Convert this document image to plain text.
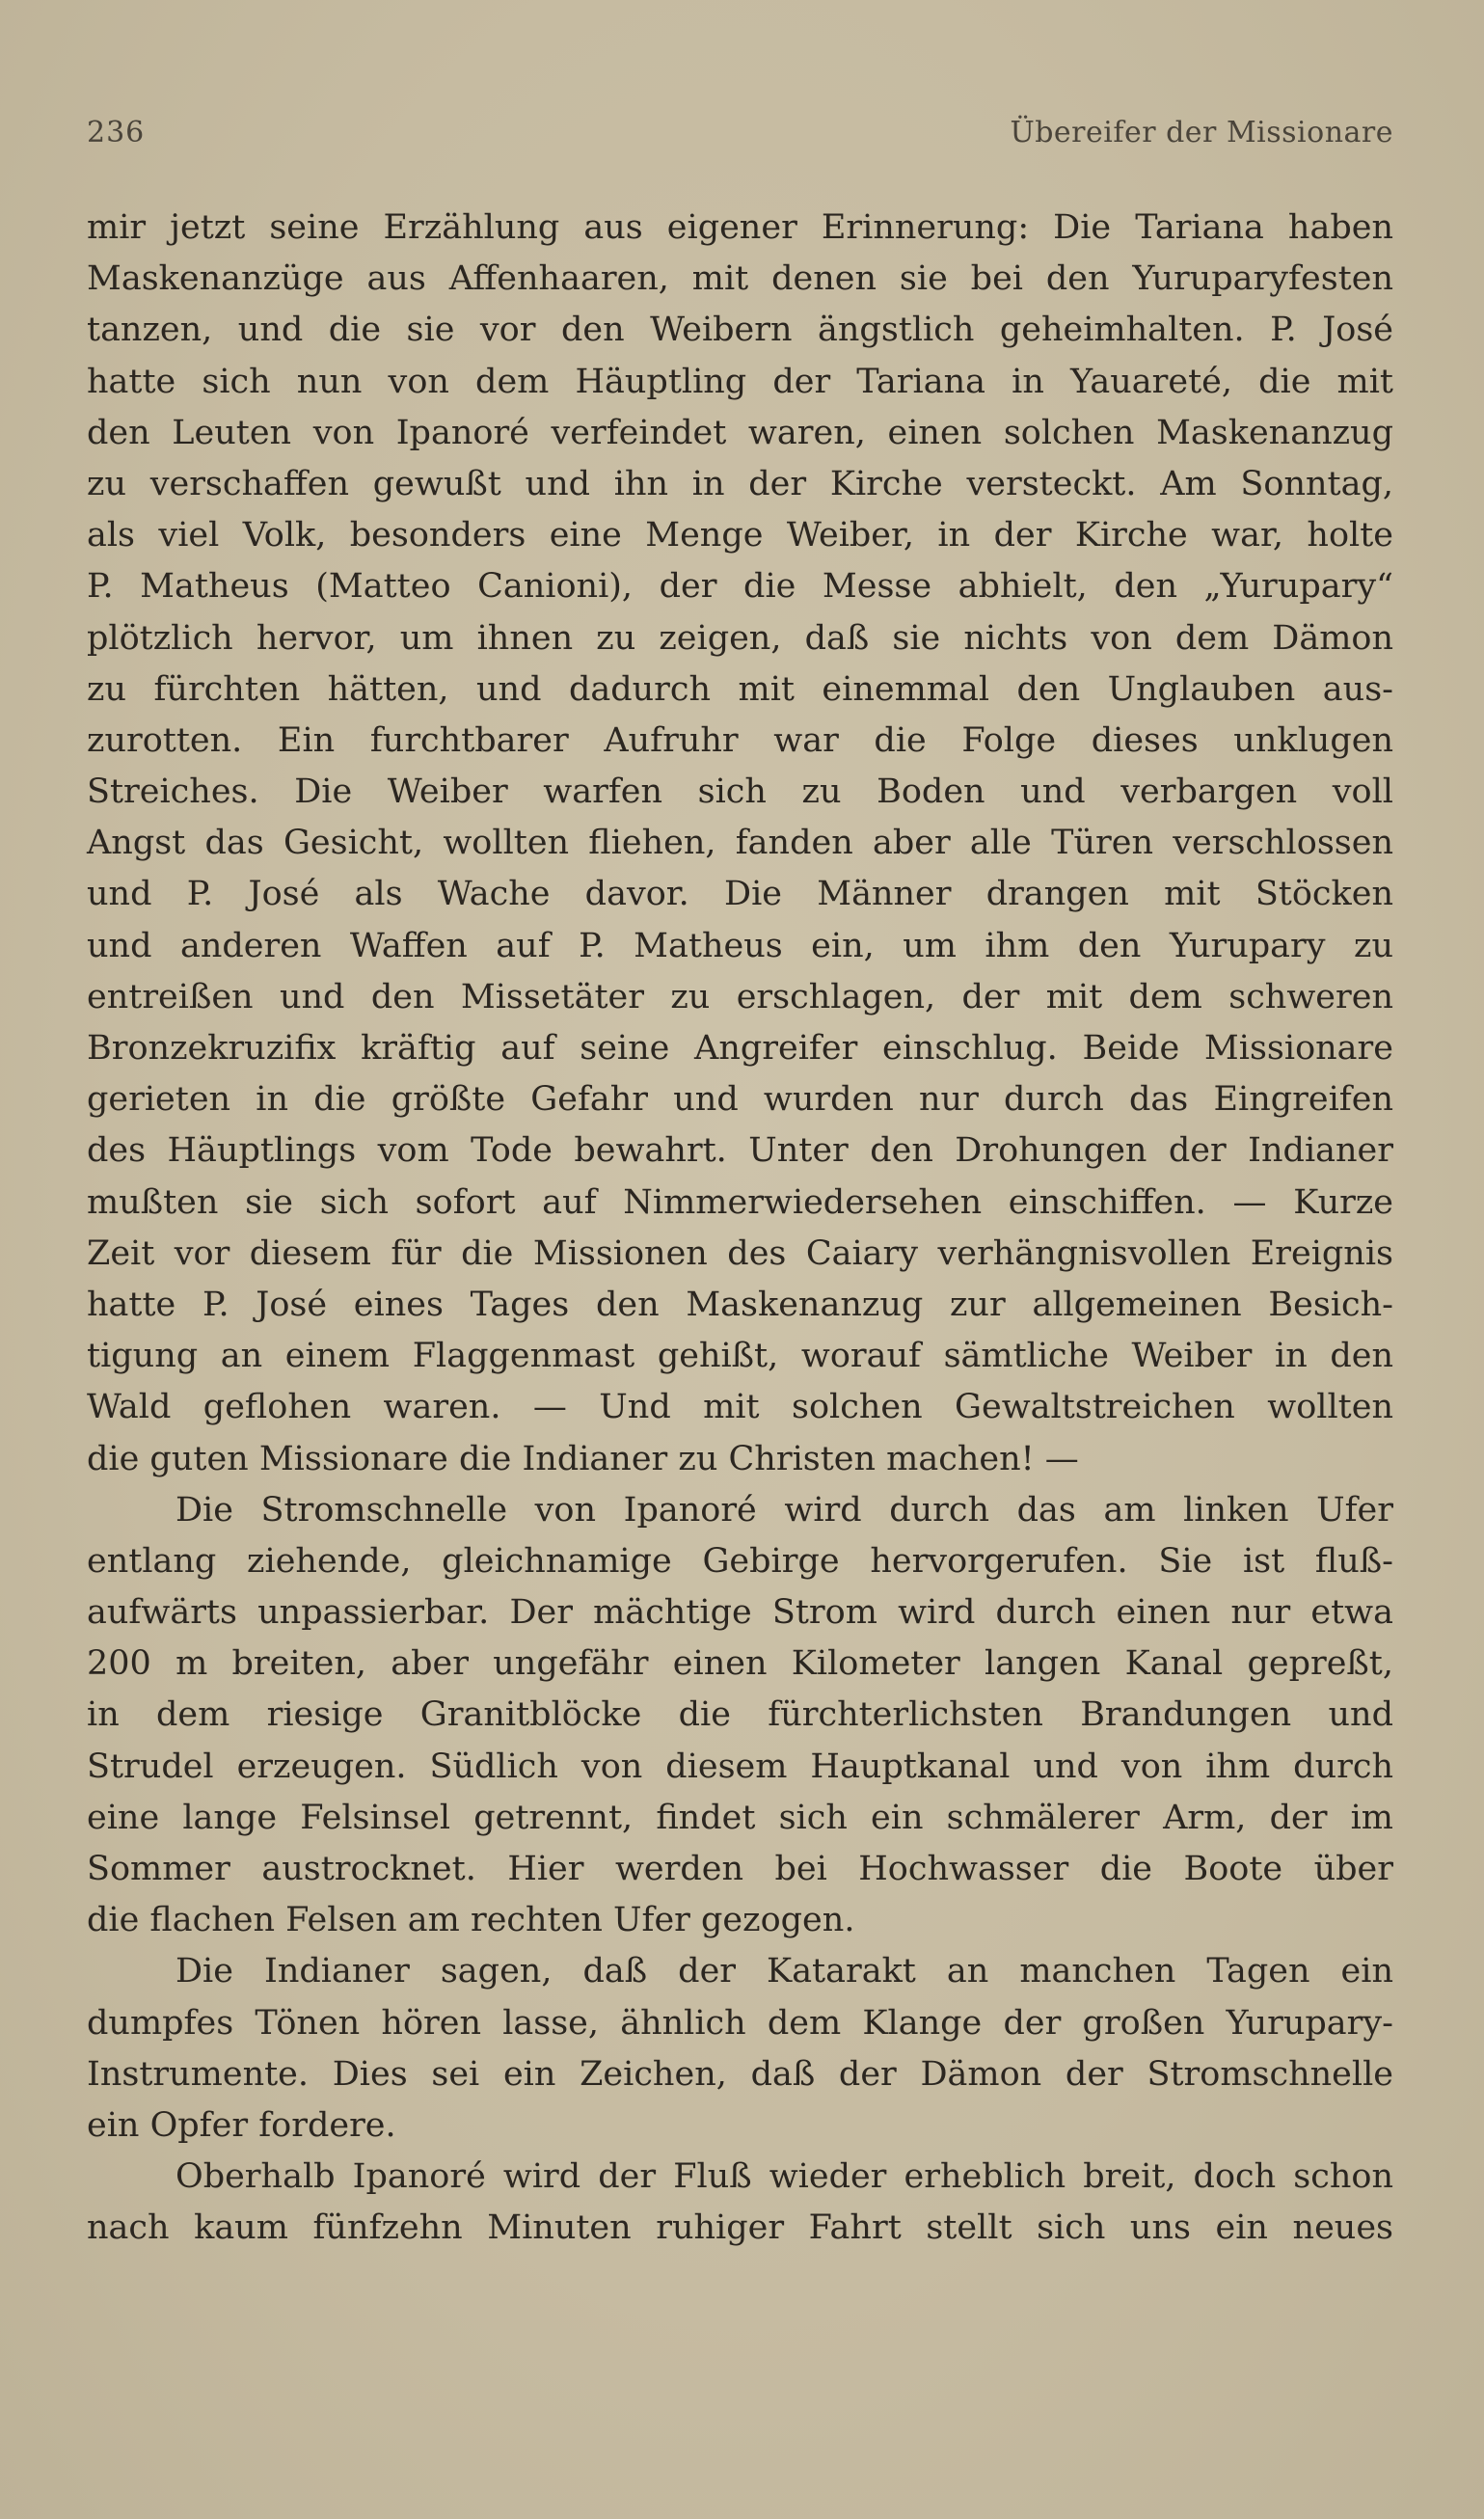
236	Übereifer der Missionare
mir jetzt seine Erzählung aus eigener Erinnerung: Die Tariana haben
Maskenanzüge aus Affenhaaren, mit denen sie bei den Yuruparyfesten
tanzen, und die sie vor den Weibern ängstlich geheimhalten. P. José
hatte sich nun von dem Häuptling der Tariana in Yauareté, die mit
den Leuten von Ipanoré verfeindet waren, einen solchen Maskenanzug
zu verschaffen gewußt und ihn in der Kirche versteckt. Am Sonntag,
als viel Volk, besonders eine Menge Weiber, in der Kirche war, holte
P. Matheus (Matteo Canioni), der die Messe abhielt, den „Yurupary“
plötzlich hervor, um ihnen zu zeigen, daß sie nichts von dem Dämon
zu fürchten hätten, und dadurch mit einemmal den Unglauben aus-
zurotten. Ein furchtbarer Aufruhr war die Folge dieses unklugen
Streiches. Die Weiber warfen sich zu Boden und verbargen voll
Angst das Gesicht, wollten fliehen, fanden aber alle Türen verschlossen
und P. José als Wache davor. Die Männer drangen mit Stöcken
und anderen Waffen auf P. Matheus ein, um ihm den Yurupary zu
entreißen und den Missetäter zu erschlagen, der mit dem schweren
Bronzekruzifix kräftig auf seine Angreifer einschlug. Beide Missionare
gerieten in die größte Gefahr und wurden nur durch das Eingreifen
des Häuptlings vom Tode bewahrt. Unter den Drohungen der Indianer
mußten sie sich sofort auf Nimmerwiedersehen einschiffen. — Kurze
Zeit vor diesem für die Missionen des Caiary verhängnisvollen Ereignis
hatte P. José eines Tages den Maskenanzug zur allgemeinen Besich-
tigung an einem Flaggenmast gehißt, worauf sämtliche Weiber in den
Wald geflohen waren. — Und mit solchen Gewaltstreichen wollten
die guten Missionare die Indianer zu Christen machen! —
Die Stromschnelle von Ipanoré wird durch das am linken Ufer
entlang ziehende, gleichnamige Gebirge hervorgerufen. Sie ist fluß-
aufwärts unpassierbar. Der mächtige Strom wird durch einen nur etwa
200 m breiten, aber ungefähr einen Kilometer langen Kanal gepreßt,
in dem riesige Granitblöcke die fürchterlichsten Brandungen und
Strudel erzeugen. Südlich von diesem Hauptkanal und von ihm durch
eine lange Felsinsel getrennt, findet sich ein schmälerer Arm, der im
Sommer austrocknet. Hier werden bei Hochwasser die Boote über
die flachen Felsen am rechten Ufer gezogen.
Die Indianer sagen, daß der Katarakt an manchen Tagen ein
dumpfes Tönen hören lasse, ähnlich dem Klange der großen Yurupary-
Instrumente. Dies sei ein Zeichen, daß der Dämon der Stromschnelle
ein Opfer fordere.
Oberhalb Ipanoré wird der Fluß wieder erheblich breit, doch schon
nach kaum fünfzehn Minuten ruhiger Fahrt stellt sich uns ein neues
